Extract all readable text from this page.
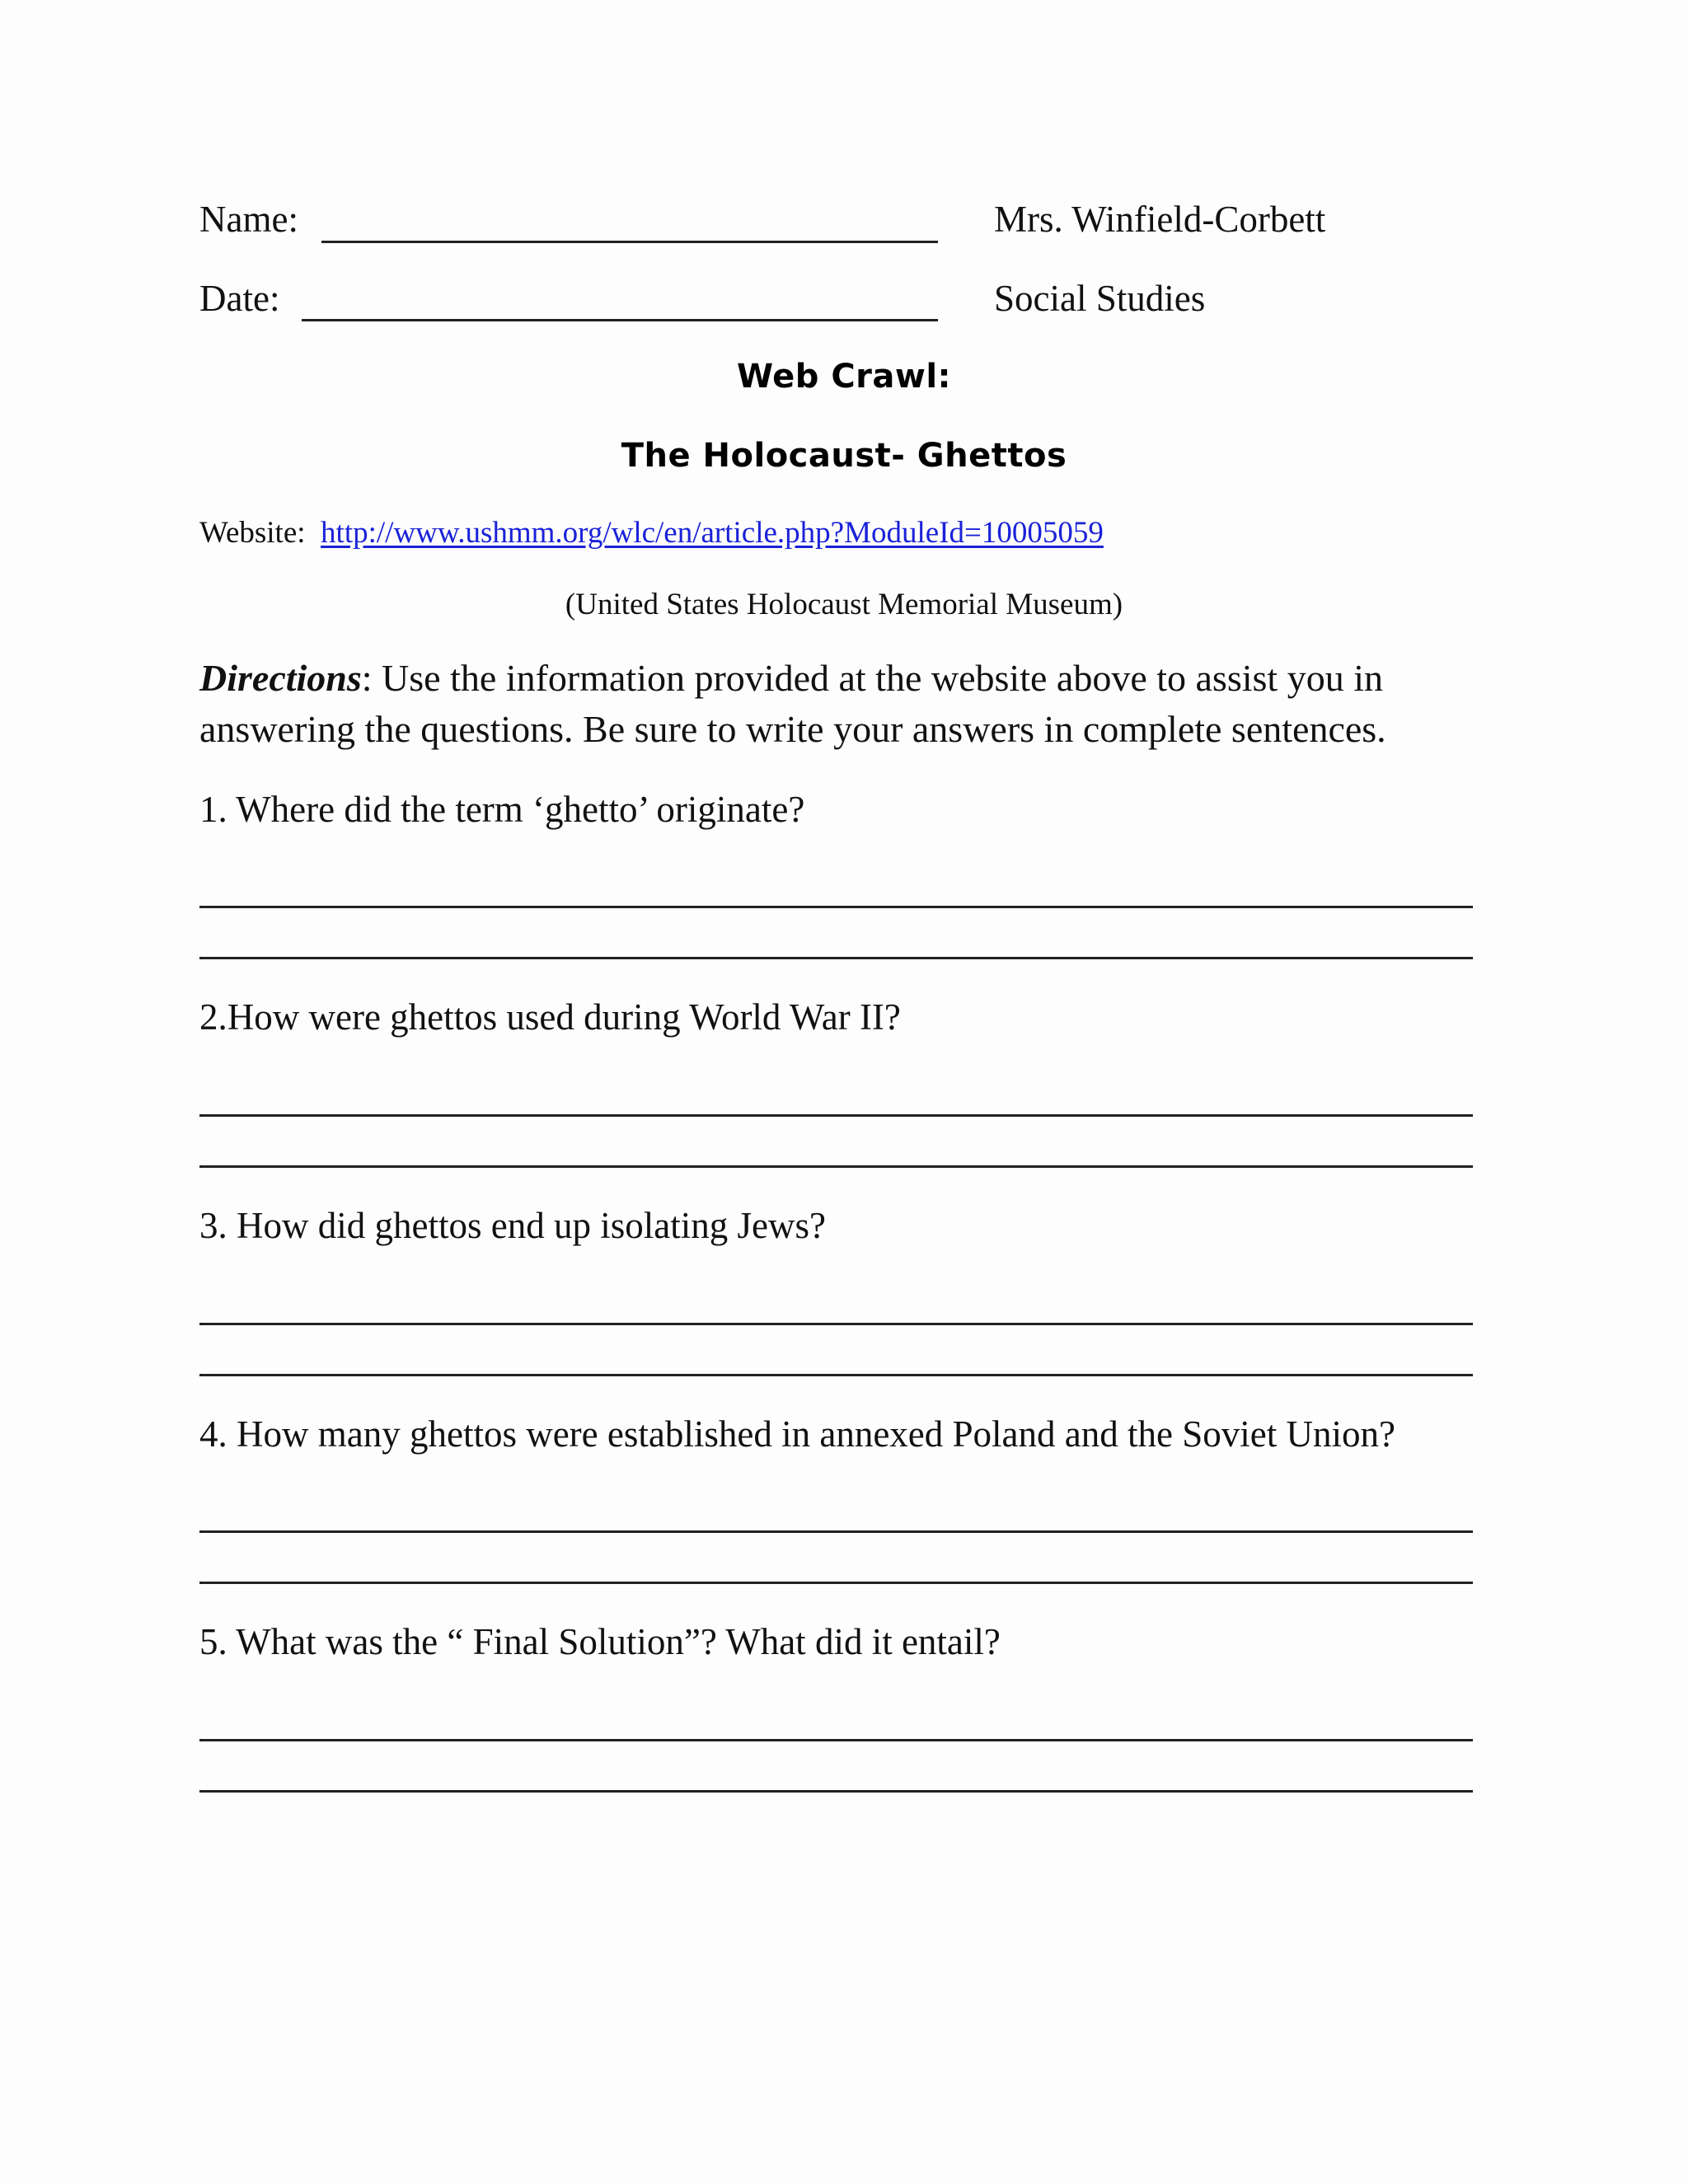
Name:	Mrs. Winfield-Corbett
Date:	Social Studies
Web Crawl:
The Holocaust- Ghettos
Website: http://www.ushmm.org/wlc/en/article.php?ModuleId=10005059
(United States Holocaust Memorial Museum)
Directions: Use the information provided at the website above to assist you in answering the questions. Be sure to write your answers in complete sentences.
1. Where did the term ‘ghetto’ originate?
2.How were ghettos used during World War II?
3. How did ghettos end up isolating Jews?
4. How many ghettos were established in annexed Poland and the Soviet Union?
5. What was the “ Final Solution”? What did it entail?
